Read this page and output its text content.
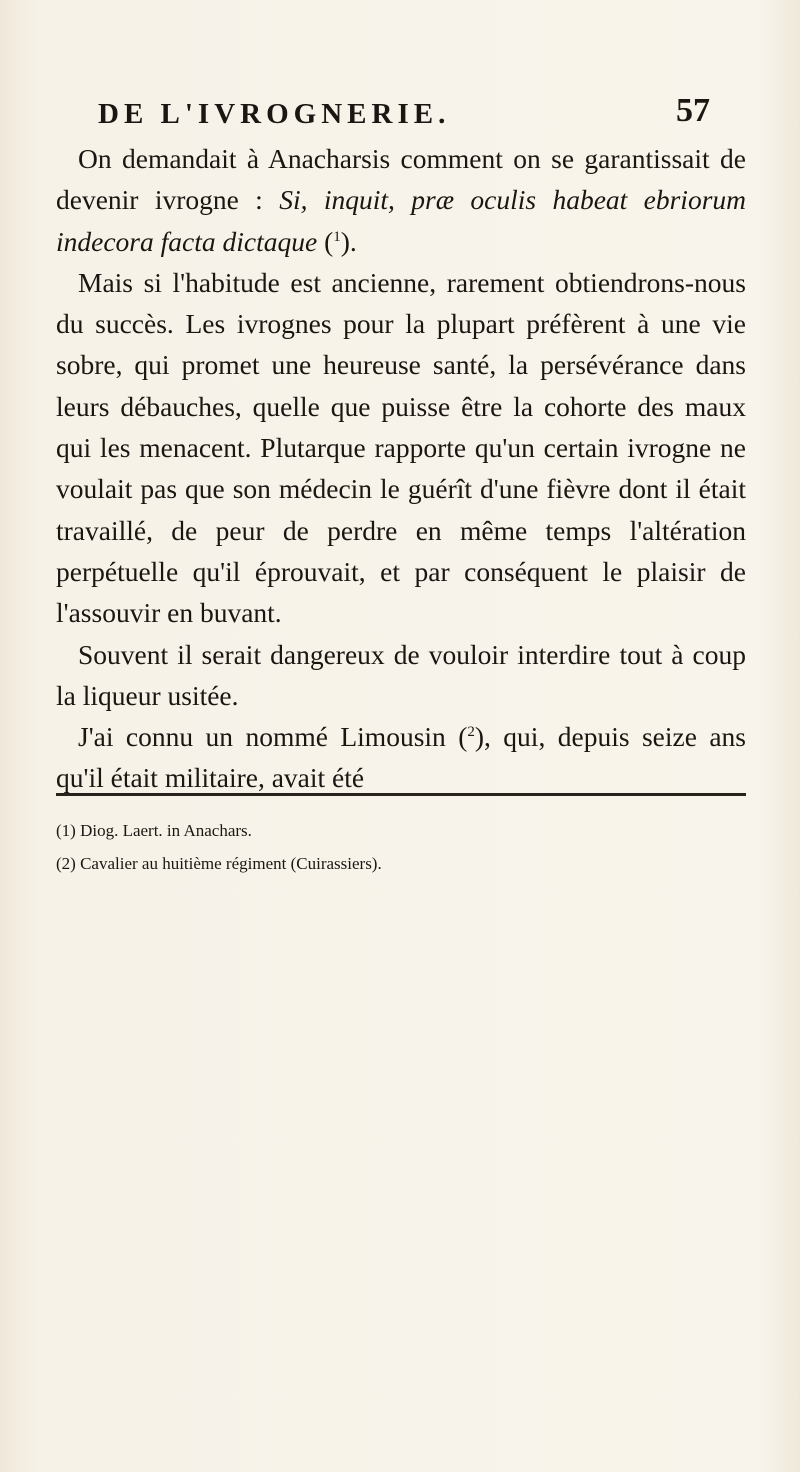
DE L'IVROGNERIE.	57

On demandait à Anacharsis comment on se garantissait de devenir ivrogne : Si, inquit, præ oculis habeat ebriorum indecora facta dictaque ($^1$).

Mais si l'habitude est ancienne, rarement obtiendrons-nous du succès. Les ivrognes pour la plupart préfèrent à une vie sobre, qui promet une heureuse santé, la persévérance dans leurs débauches, quelle que puisse être la cohorte des maux qui les menacent. Plutarque rapporte qu'un certain ivrogne ne voulait pas que son médecin le guérît d'une fièvre dont il était travaillé, de peur de perdre en même temps l'altération perpétuelle qu'il éprouvait, et par conséquent le plaisir de l'assouvir en buvant.

Souvent il serait dangereux de vouloir interdire tout à coup la liqueur usitée.

J'ai connu un nommé Limousin ($^2$), qui, depuis seize ans qu'il était militaire, avait été

(1) Diog. Laert. in Anachars.
(2) Cavalier au huitième régiment (Cuirassiers).
